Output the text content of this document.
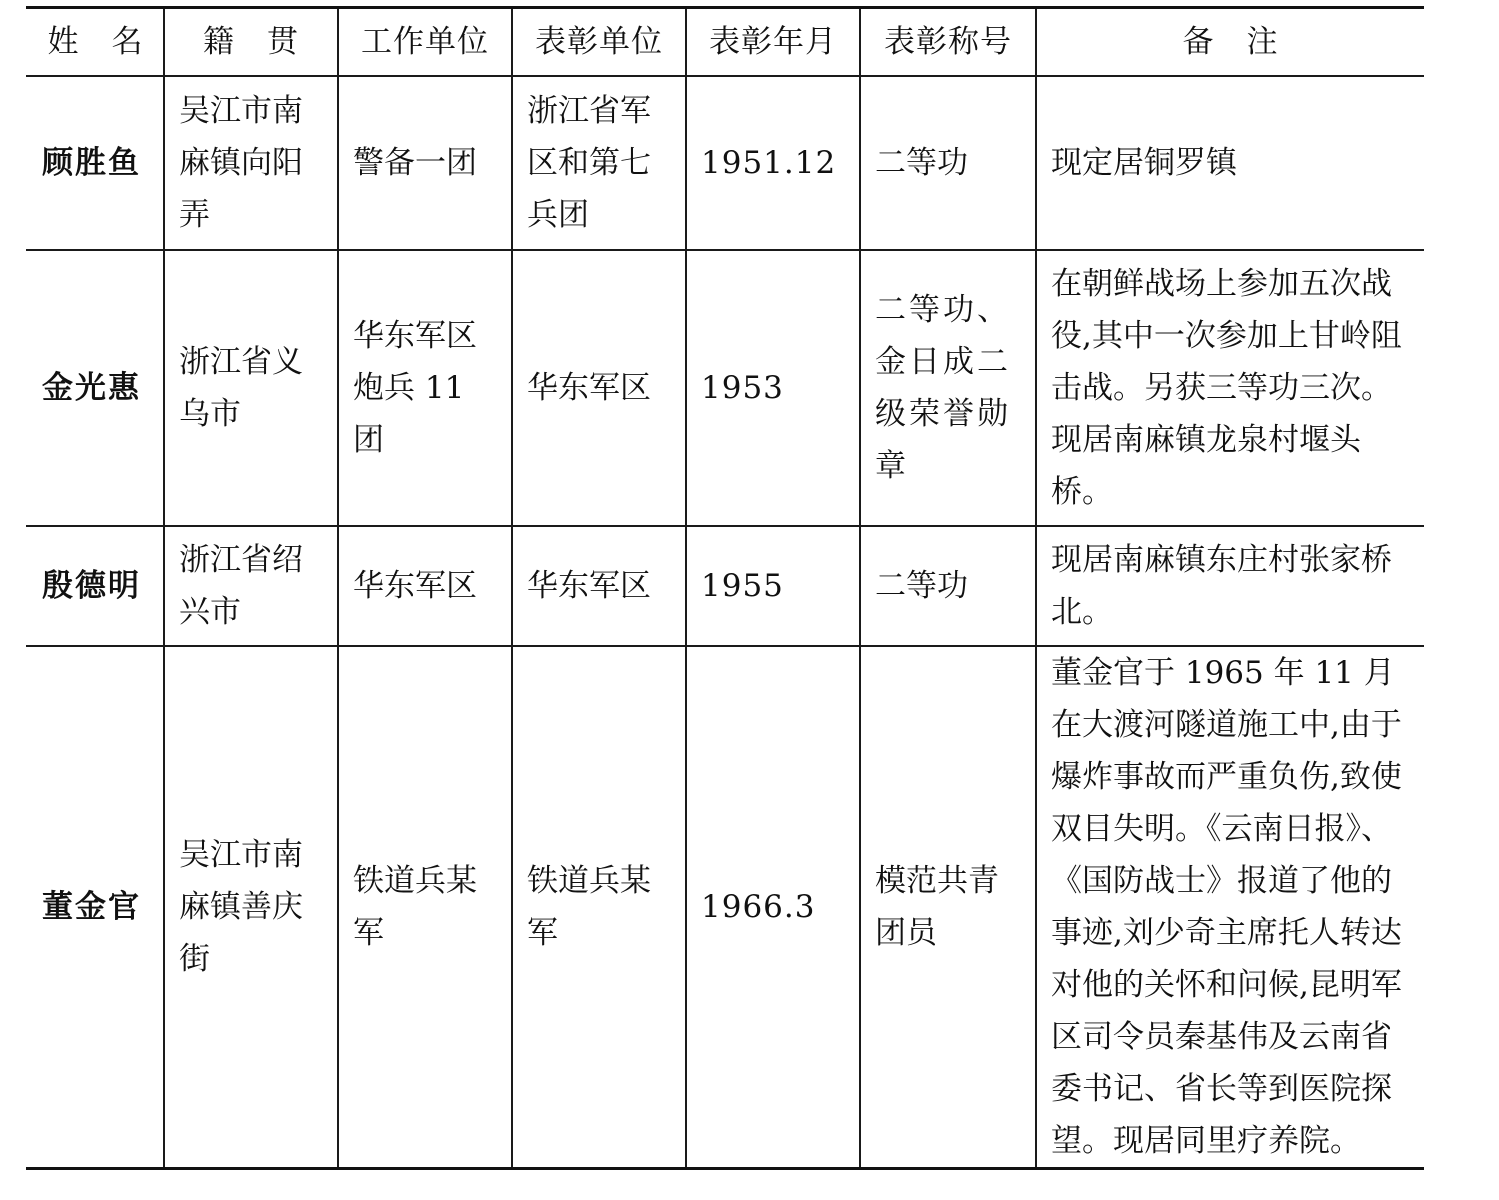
姓　名	籍　贯	工作单位	表彰单位	表彰年月	表彰称号	备　注
顾胜鱼	吴江市南麻镇向阳弄	警备一团	浙江省军区和第七兵团	1951.12	二等功	现定居铜罗镇
金光惠	浙江省义乌市	华东军区炮兵 11 团	华东军区	1953	二等功、金日成二级荣誉勋章	在朝鲜战场上参加五次战役,其中一次参加上甘岭阻击战。另获三等功三次。现居南麻镇龙泉村堰头桥。
殷德明	浙江省绍兴市	华东军区	华东军区	1955	二等功	现居南麻镇东庄村张家桥北。
董金官	吴江市南麻镇善庆街	铁道兵某军	铁道兵某军	1966.3	模范共青团员	董金官于 1965 年 11 月在大渡河隧道施工中,由于爆炸事故而严重负伤,致使双目失明。《云南日报》、《国防战士》报道了他的事迹,刘少奇主席托人转达对他的关怀和问候,昆明军区司令员秦基伟及云南省委书记、省长等到医院探望。现居同里疗养院。
